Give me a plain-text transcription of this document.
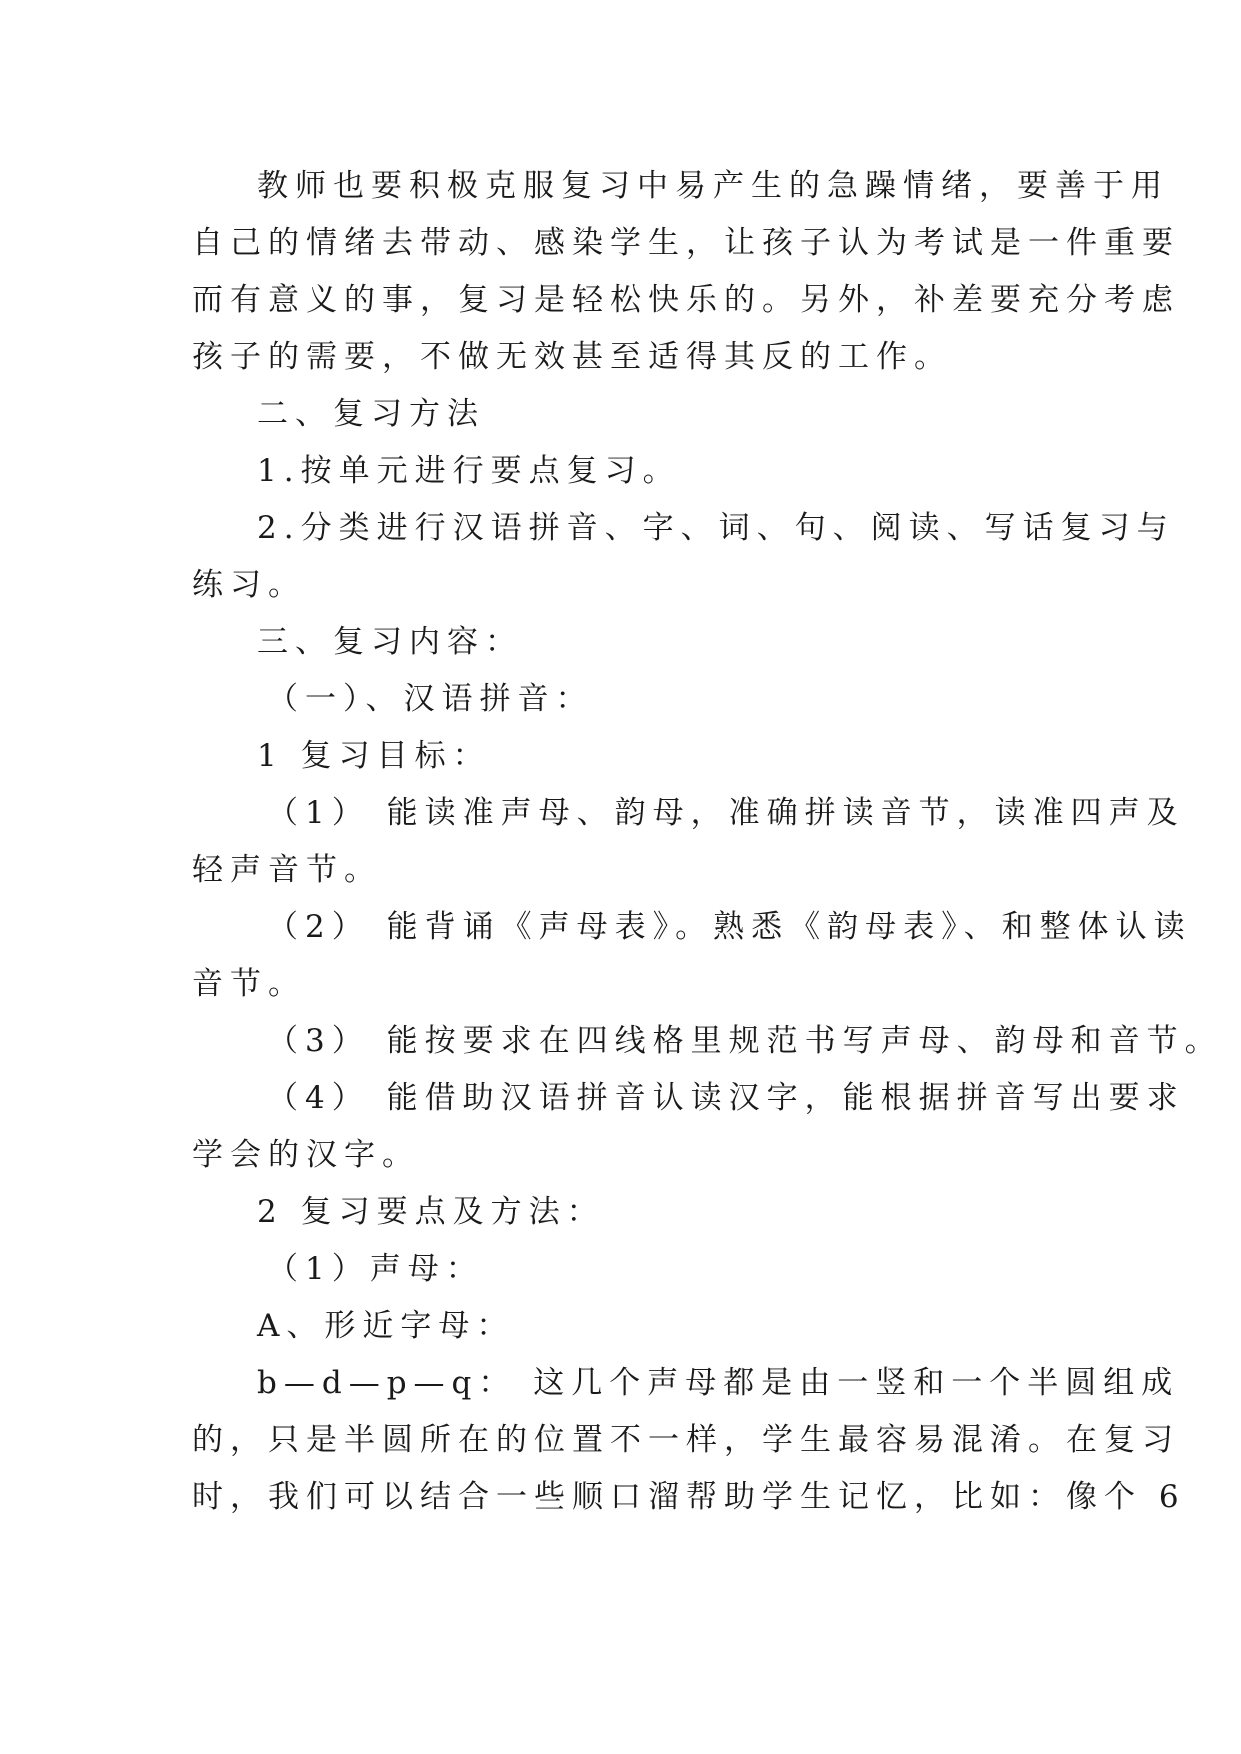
教师也要积极克服复习中易产生的急躁情绪，要善于用
自己的情绪去带动、感染学生，让孩子认为考试是一件重要
而有意义的事，复习是轻松快乐的。另外，补差要充分考虑
孩子的需要，不做无效甚至适得其反的工作。
二、复习方法
1.按单元进行要点复习。
2.分类进行汉语拼音、字、词、句、阅读、写话复习与
练习。
三、复习内容：
（一）、汉语拼音：
1 复习目标：
（1） 能读准声母、韵母，准确拼读音节，读准四声及
轻声音节。
（2） 能背诵《声母表》。熟悉《韵母表》、和整体认读
音节。
（3） 能按要求在四线格里规范书写声母、韵母和音节。
（4） 能借助汉语拼音认读汉字，能根据拼音写出要求
学会的汉字。
2 复习要点及方法：
（1）声母：
A、形近字母：
b—d—p—q： 这几个声母都是由一竖和一个半圆组成
的，只是半圆所在的位置不一样，学生最容易混淆。在复习
时，我们可以结合一些顺口溜帮助学生记忆，比如：像个 6
